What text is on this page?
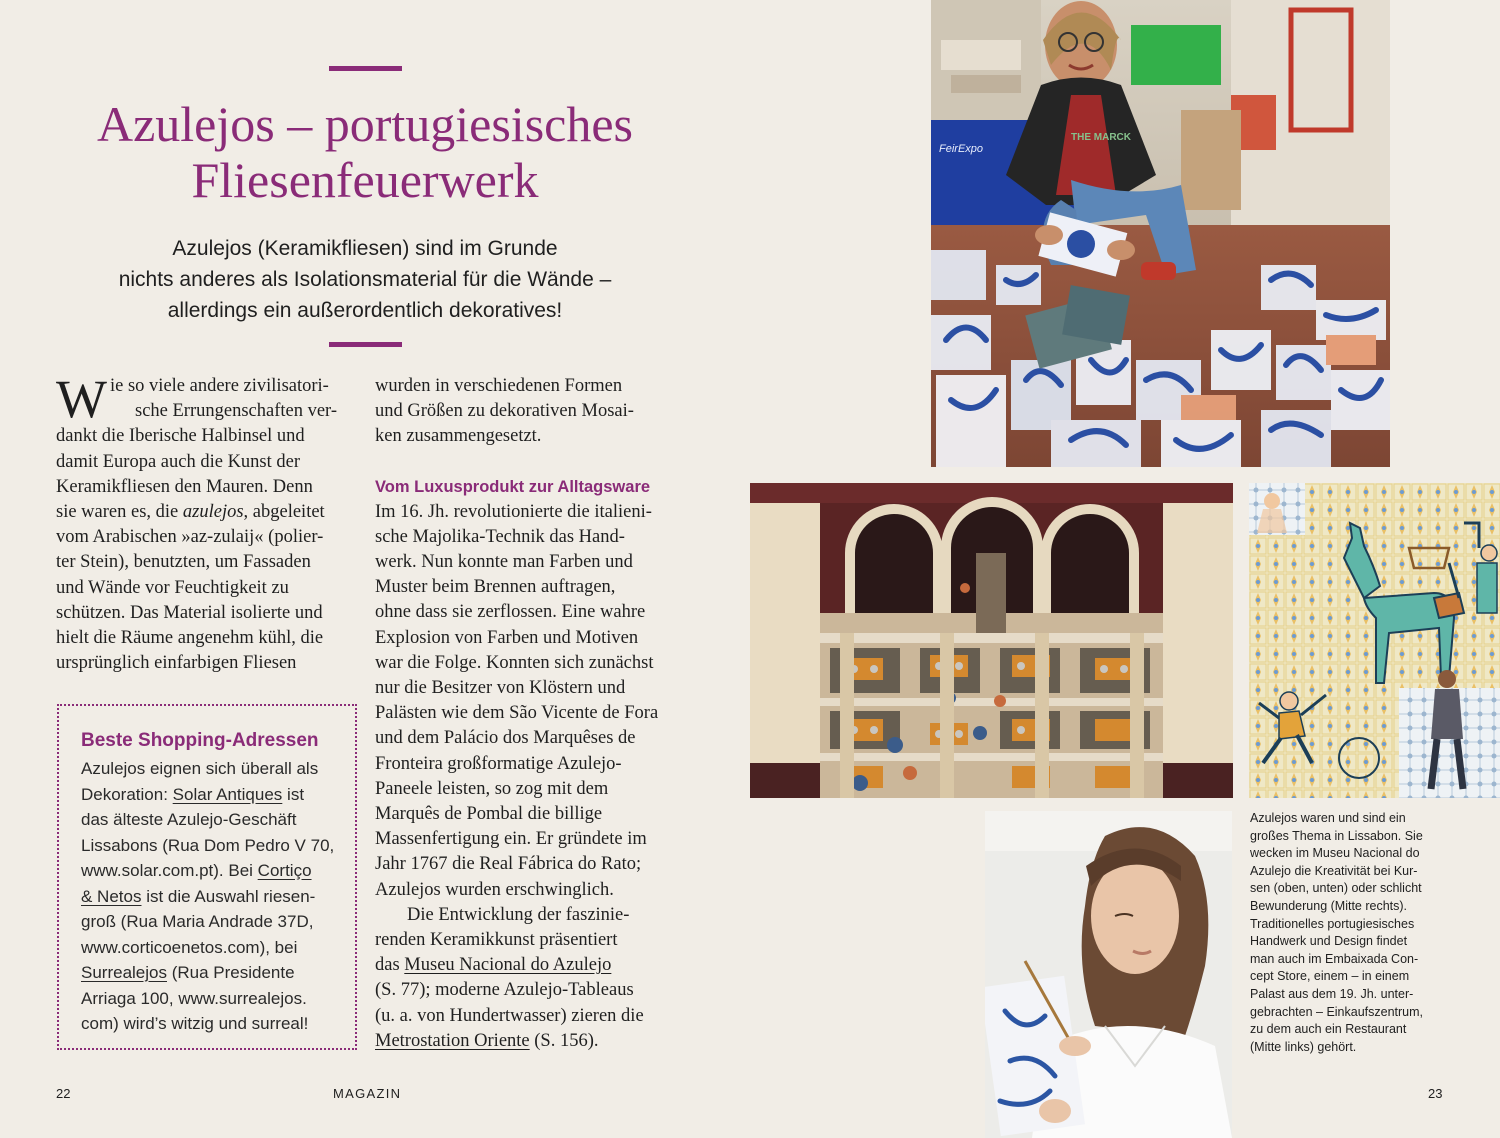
Azulejos – portugiesisches
Fliesenfeuerwerk

Azulejos (Keramikfliesen) sind im Grunde
nichts anderes als Isolationsmaterial für die Wände –
allerdings ein außerordentlich dekoratives!

W ie so viele andere zivilisatori-
sche Errungenschaften ver-
dankt die Iberische Halbinsel und
damit Europa auch die Kunst der
Keramikfliesen den Mauren. Denn
sie waren es, die azulejos, abgeleitet
vom Arabischen »az-zulaij« (polier-
ter Stein), benutzten, um Fassaden
und Wände vor Feuchtigkeit zu
schützen. Das Material isolierte und
hielt die Räume angenehm kühl, die
ursprünglich einfarbigen Fliesen
Beste Shopping-Adressen
Azulejos eignen sich überall als
Dekoration: Solar Antiques ist
das älteste Azulejo-Geschäft
Lissabons (Rua Dom Pedro V 70,
www.solar.com.pt). Bei Cortiço
& Netos ist die Auswahl riesen-
groß (Rua Maria Andrade 37D,
www.corticoenetos.com), bei
Surrealejos (Rua Presidente
Arriaga 100, www.surrealejos.
com) wird’s witzig und surreal!
wurden in verschiedenen Formen
und Größen zu dekorativen Mosai-
ken zusammengesetzt.
Vom Luxusprodukt zur Alltagsware
Im 16. Jh. revolutionierte die italieni-
sche Majolika-Technik das Hand-
werk. Nun konnte man Farben und
Muster beim Brennen auftragen,
ohne dass sie zerflossen. Eine wahre
Explosion von Farben und Motiven
war die Folge. Konnten sich zunächst
nur die Besitzer von Klöstern und
Palästen wie dem São Vicente de Fora
und dem Palácio dos Marquêses de
Fronteira großformatige Azulejo-
Paneele leisten, so zog mit dem
Marquês de Pombal die billige
Massenfertigung ein. Er gründete im
Jahr 1767 die Real Fábrica do Rato;
Azulejos wurden erschwinglich.
Die Entwicklung der faszinie-
renden Keramikkunst präsentiert
das Museu Nacional do Azulejo
(S. 77); moderne Azulejo-Tableaus
(u. a. von Hundertwasser) zieren die
Metrostation Oriente (S. 156).
FeirExpo
THE MARCK
Azulejos waren und sind ein
großes Thema in Lissabon. Sie
wecken im Museu Nacional do
Azulejo die Kreativität bei Kur-
sen (oben, unten) oder schlicht
Bewunderung (Mitte rechts).
Traditionelles portugiesisches
Handwerk und Design findet
man auch im Embaixada Con-
cept Store, einem – in einem
Palast aus dem 19. Jh. unter-
gebrachten – Einkaufszentrum,
zu dem auch ein Restaurant
(Mitte links) gehört.
22	MAGAZIN	23
